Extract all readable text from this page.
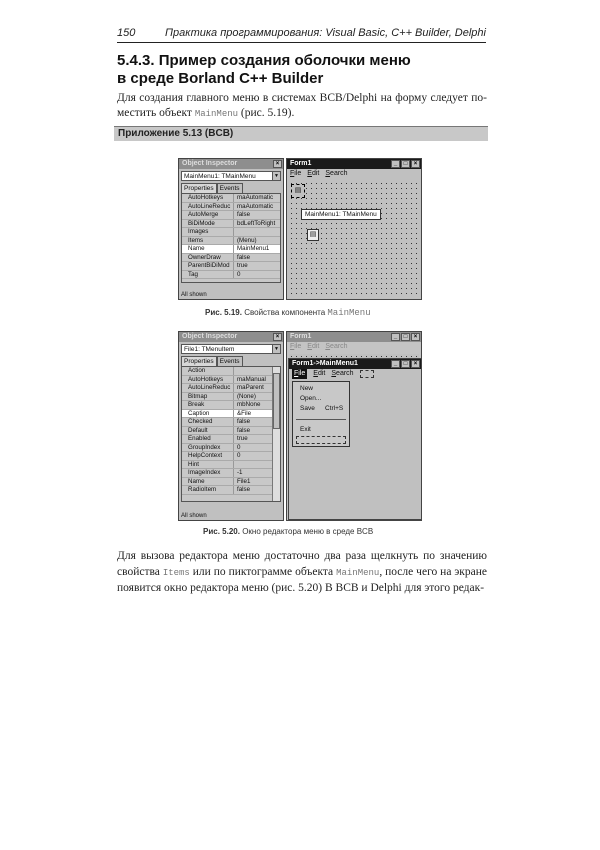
150	Практика программирования: Visual Basic, C++ Builder, Delphi
5.4.3. Пример создания оболочки меню
в среде Borland C++ Builder
Для создания главного меню в системах BCB/Delphi на форму следует по-местить объект MainMenu (рис. 5.19).
Приложение 5.13 (BCB)
Object Inspector	×
MainMenu1: TMainMenu	▼
Properties Events
AutoHotkeys	maAutomatic
AutoLineReduc	maAutomatic
AutoMerge	false
BiDiMode	bdLeftToRight
Images
Items	(Menu)
Name	MainMenu1
OwnerDraw	false
ParentBiDiMod	true
Tag	0
All shown
Form1	_	□	×
File Edit Search
▤
MainMenu1: TMainMenu
▤
Рис. 5.19. Свойства компонента MainMenu
Object Inspector	×
File1: TMenuItem	▼
Properties Events
Action
AutoHotkeys	maManual
AutoLineReduc	maParent
Bitmap	(None)
Break	mbNone
Caption	&File
Checked	false
Default	false
Enabled	true
GroupIndex	0
HelpContext	0
Hint
ImageIndex	-1
Name	File1
RadioItem	false
All shown
Form1	_	□	×
File Edit Search
Form1->MainMenu1	_	□	×
File Edit Search
New
Open...
Save Ctrl+S
Exit
Рис. 5.20. Окно редактора меню в среде BCB
Для вызова редактора меню достаточно два раза щелкнуть по значению свойства Items или по пиктограмме объекта MainMenu, после чего на экране появится окно редактора меню (рис. 5.20) В BCB и Delphi для этого редак-
